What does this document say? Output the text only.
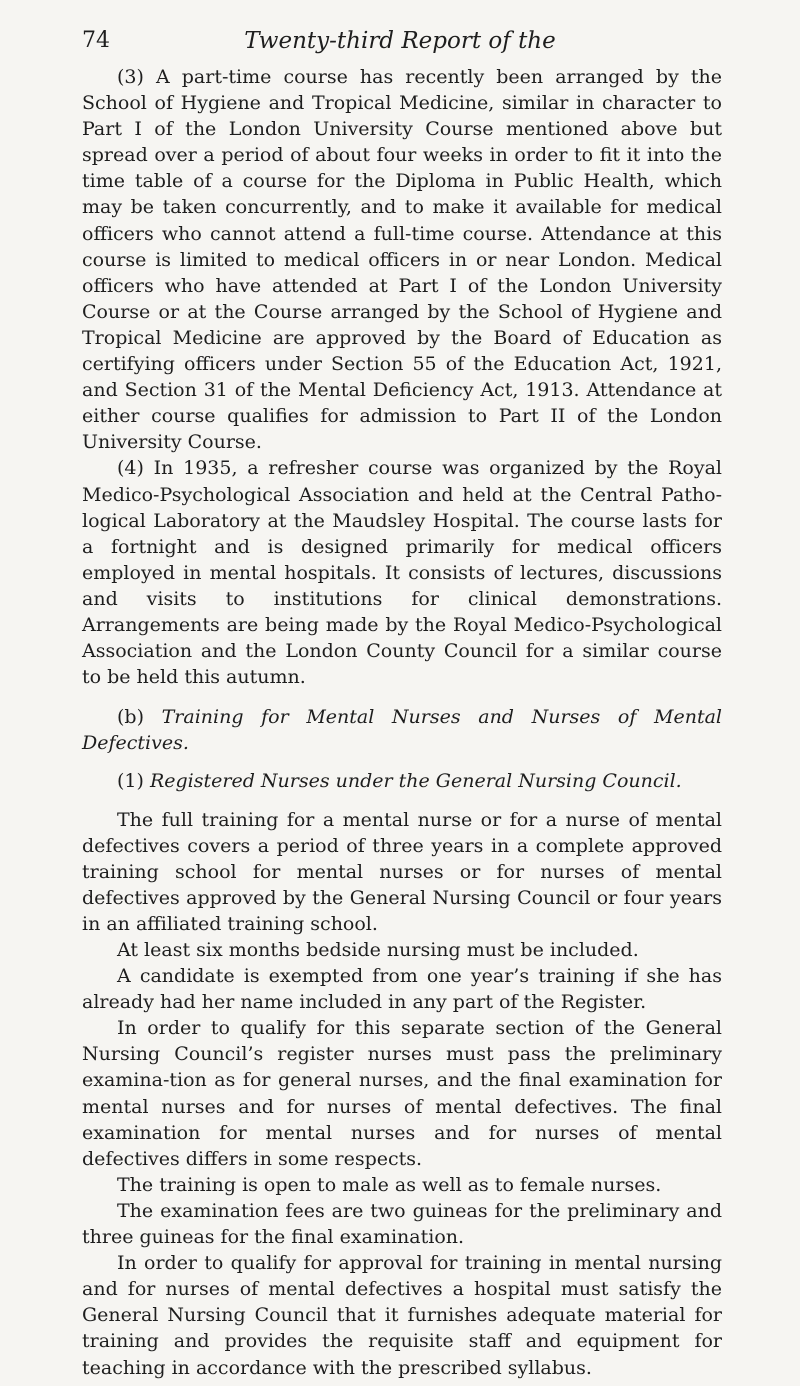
74	Twenty-third Report of the

(3) A part-time course has recently been arranged by the School of Hygiene and Tropical Medicine, similar in character to Part I of the London University Course mentioned above but spread over a period of about four weeks in order to fit it into the time table of a course for the Diploma in Public Health, which may be taken concurrently, and to make it available for medical officers who cannot attend a full-time course. Attendance at this course is limited to medical officers in or near London. Medical officers who have attended at Part I of the London University Course or at the Course arranged by the School of Hygiene and Tropical Medicine are approved by the Board of Education as certifying officers under Section 55 of the Education Act, 1921, and Section 31 of the Mental Deficiency Act, 1913. Attendance at either course qualifies for admission to Part II of the London University Course.

(4) In 1935, a refresher course was organized by the Royal Medico-Psychological Association and held at the Central Patho-logical Laboratory at the Maudsley Hospital. The course lasts for a fortnight and is designed primarily for medical officers employed in mental hospitals. It consists of lectures, discussions and visits to institutions for clinical demonstrations. Arrangements are being made by the Royal Medico-Psychological Association and the London County Council for a similar course to be held this autumn.

(b) Training for Mental Nurses and Nurses of Mental Defectives.

(1) Registered Nurses under the General Nursing Council.

The full training for a mental nurse or for a nurse of mental defectives covers a period of three years in a complete approved training school for mental nurses or for nurses of mental defectives approved by the General Nursing Council or four years in an affiliated training school.

At least six months bedside nursing must be included.

A candidate is exempted from one year’s training if she has already had her name included in any part of the Register.

In order to qualify for this separate section of the General Nursing Council’s register nurses must pass the preliminary examina-tion as for general nurses, and the final examination for mental nurses and for nurses of mental defectives. The final examination for mental nurses and for nurses of mental defectives differs in some respects.

The training is open to male as well as to female nurses.

The examination fees are two guineas for the preliminary and three guineas for the final examination.

In order to qualify for approval for training in mental nursing and for nurses of mental defectives a hospital must satisfy the General Nursing Council that it furnishes adequate material for training and provides the requisite staff and equipment for teaching in accordance with the prescribed syllabus.
